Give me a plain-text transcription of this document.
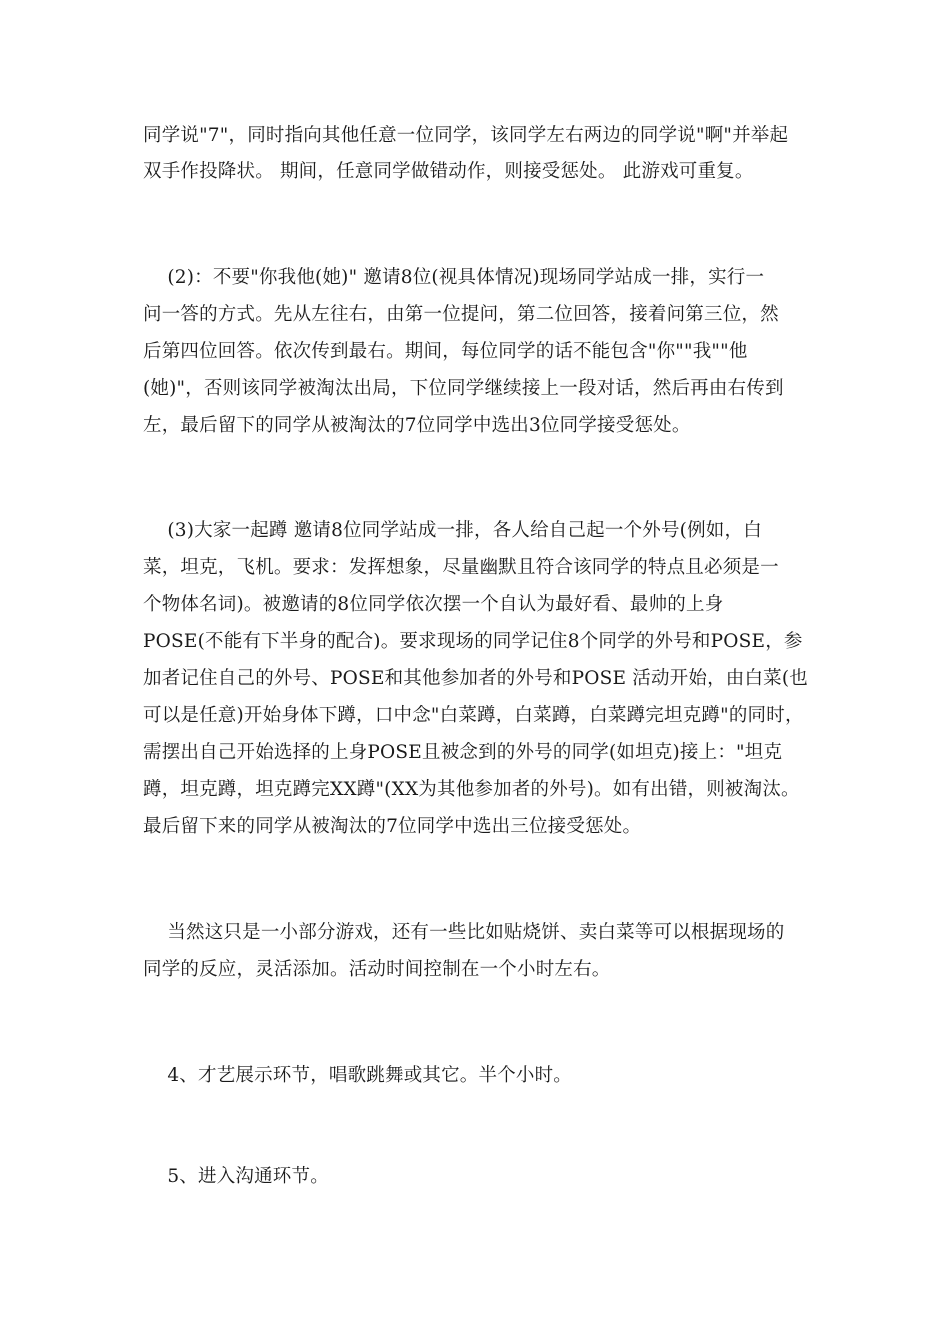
同学说"7"，同时指向其他任意一位同学，该同学左右两边的同学说"啊"并举起
双手作投降状。 期间，任意同学做错动作，则接受惩处。 此游戏可重复。
(2)：不要"你我他(她)" 邀请8位(视具体情况)现场同学站成一排，实行一
问一答的方式。先从左往右，由第一位提问，第二位回答，接着问第三位，然
后第四位回答。依次传到最右。期间，每位同学的话不能包含"你""我""他
(她)"，否则该同学被淘汰出局，下位同学继续接上一段对话，然后再由右传到
左，最后留下的同学从被淘汰的7位同学中选出3位同学接受惩处。
(3)大家一起蹲 邀请8位同学站成一排，各人给自己起一个外号(例如，白
菜，坦克，飞机。要求：发挥想象，尽量幽默且符合该同学的特点且必须是一
个物体名词)。被邀请的8位同学依次摆一个自认为最好看、最帅的上身
POSE(不能有下半身的配合)。要求现场的同学记住8个同学的外号和POSE，参
加者记住自己的外号、POSE和其他参加者的外号和POSE 活动开始，由白菜(也
可以是任意)开始身体下蹲，口中念"白菜蹲，白菜蹲，白菜蹲完坦克蹲"的同时，
需摆出自己开始选择的上身POSE且被念到的外号的同学(如坦克)接上："坦克
蹲，坦克蹲，坦克蹲完XX蹲"(XX为其他参加者的外号)。如有出错，则被淘汰。
最后留下来的同学从被淘汰的7位同学中选出三位接受惩处。
当然这只是一小部分游戏，还有一些比如贴烧饼、卖白菜等可以根据现场的
同学的反应，灵活添加。活动时间控制在一个小时左右。
4、才艺展示环节，唱歌跳舞或其它。半个小时。
5、进入沟通环节。
